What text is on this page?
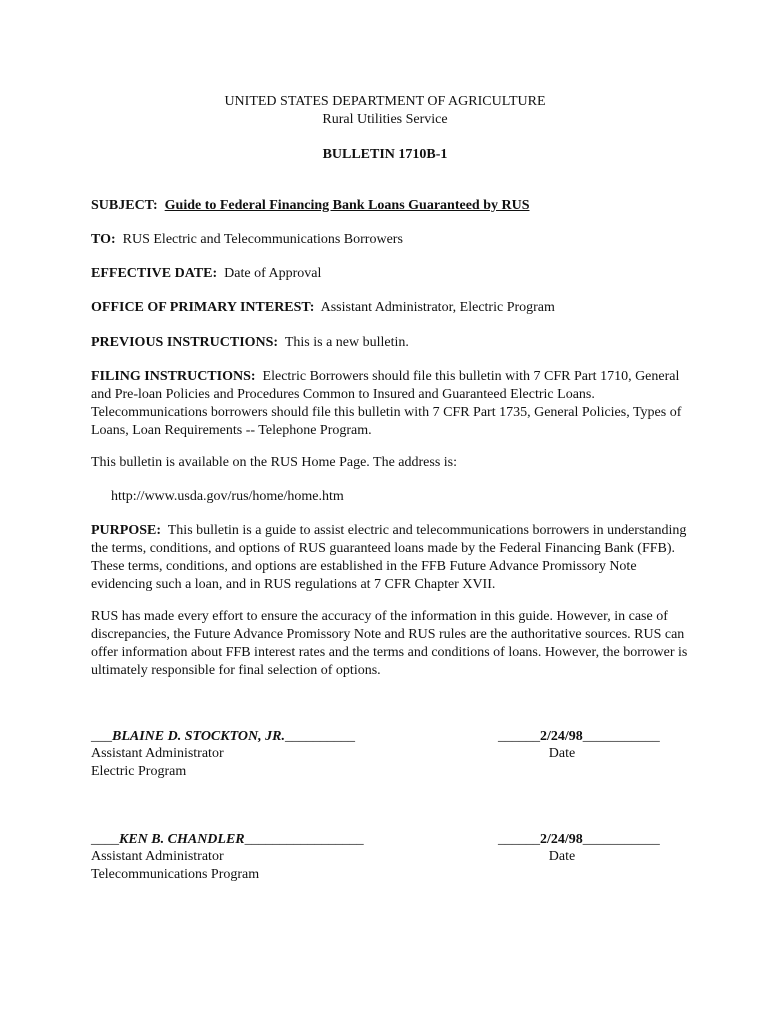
UNITED STATES DEPARTMENT OF AGRICULTURE
Rural Utilities Service
BULLETIN 1710B-1
SUBJECT: Guide to Federal Financing Bank Loans Guaranteed by RUS
TO: RUS Electric and Telecommunications Borrowers
EFFECTIVE DATE: Date of Approval
OFFICE OF PRIMARY INTEREST: Assistant Administrator, Electric Program
PREVIOUS INSTRUCTIONS: This is a new bulletin.
FILING INSTRUCTIONS: Electric Borrowers should file this bulletin with 7 CFR Part 1710, General
and Pre-loan Policies and Procedures Common to Insured and Guaranteed Electric Loans.
Telecommunications borrowers should file this bulletin with 7 CFR Part 1735, General Policies, Types of
Loans, Loan Requirements -- Telephone Program.
This bulletin is available on the RUS Home Page. The address is:
http://www.usda.gov/rus/home/home.htm
PURPOSE: This bulletin is a guide to assist electric and telecommunications borrowers in understanding
the terms, conditions, and options of RUS guaranteed loans made by the Federal Financing Bank (FFB).
These terms, conditions, and options are established in the FFB Future Advance Promissory Note
evidencing such a loan, and in RUS regulations at 7 CFR Chapter XVII.
RUS has made every effort to ensure the accuracy of the information in this guide. However, in case of
discrepancies, the Future Advance Promissory Note and RUS rules are the authoritative sources. RUS can
offer information about FFB interest rates and the terms and conditions of loans. However, the borrower is
ultimately responsible for final selection of options.
___BLAINE D. STOCKTON, JR.__________
Assistant Administrator
Electric Program
______2/24/98___________
Date
____KEN B. CHANDLER_________________
Assistant Administrator
Telecommunications Program
______2/24/98___________
Date
